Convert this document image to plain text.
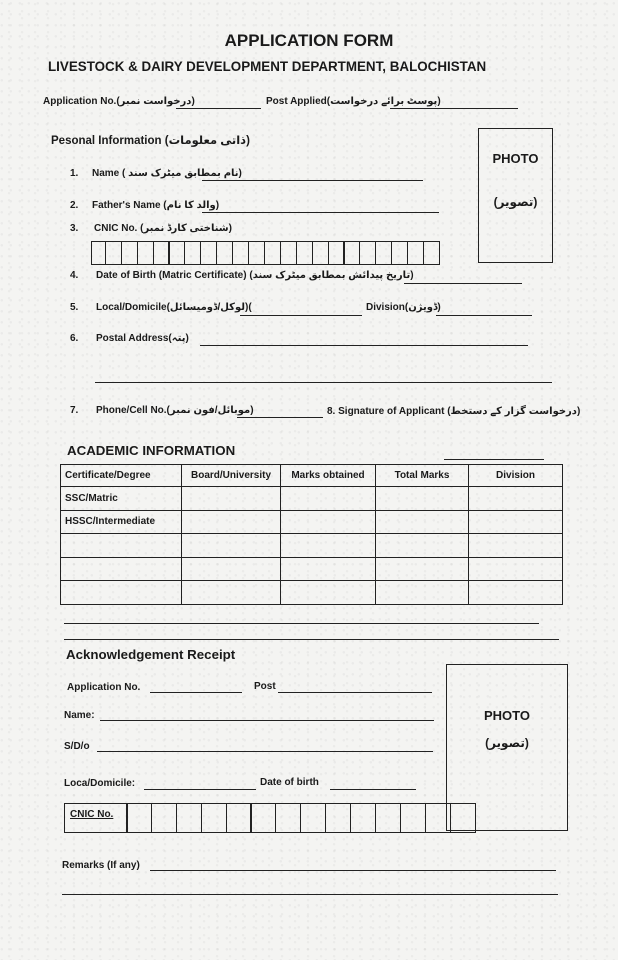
APPLICATION FORM
LIVESTOCK & DAIRY DEVELOPMENT DEPARTMENT, BALOCHISTAN
Application No.(درخواست نمبر)	Post Applied(پوسٹ برائے درخواست)
Pesonal Information (ذاتی معلومات)
PHOTO
(تصویر)
1. Name ( نام بمطابق میٹرک سند)
2. Father's Name (والد کا نام)
3. CNIC No. (شناختی کارڈ نمبر)
4. Date of Birth (Matric Certificate) (تاریخ پیدائش بمطابق میٹرک سند)
5. Local/Domicile(لوکل/ڈومیسائل)(	Division(ڈویژن)
6. Postal Address(پتہ)
7. Phone/Cell No.(موبائل/فون نمبر)	8. Signature of Applicant (درخواست گزار کے دستخط)
ACADEMIC INFORMATION
Certificate/Degree	Board/University	Marks obtained	Total Marks	Division
SSC/Matric				
HSSC/Intermediate				

Acknowledgement Receipt
PHOTO
(تصویر)
Application No.	Post
Name:
S/D/o
Loca/Domicile:	Date of birth
CNIC No.
Remarks (If any)
